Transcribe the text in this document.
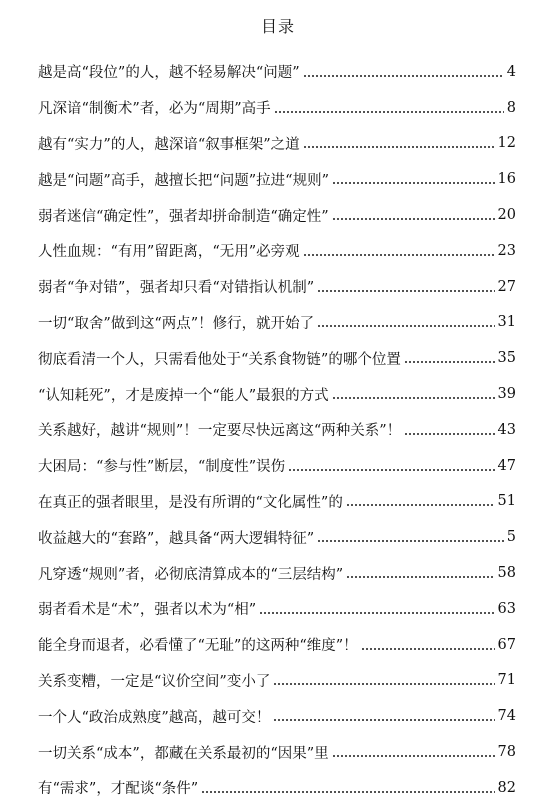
目录
越是高“段位”的人，越不轻易解决“问题”	4
凡深谙“制衡术”者，必为“周期”高手	8
越有“实力”的人，越深谙“叙事框架”之道	12
越是“问题”高手，越擅长把“问题”拉进“规则”	16
弱者迷信“确定性”，强者却拼命制造“确定性”	20
人性血规：“有用”留距离，“无用”必旁观	23
弱者“争对错”，强者却只看“对错指认机制”	27
一切“取舍”做到这“两点”！修行，就开始了	31
彻底看清一个人，只需看他处于“关系食物链”的哪个位置	35
“认知耗死”，才是废掉一个“能人”最狠的方式	39
关系越好，越讲“规则”！一定要尽快远离这“两种关系”！	43
大困局：“参与性”断层，“制度性”误伤	47
在真正的强者眼里，是没有所谓的“文化属性”的	51
收益越大的“套路”，越具备“两大逻辑特征”	5
凡穿透“规则”者，必彻底清算成本的“三层结构”	58
弱者看术是“术”，强者以术为“相”	63
能全身而退者，必看懂了“无耻”的这两种“维度”！	67
关系变糟，一定是“议价空间”变小了	71
一个人“政治成熟度”越高，越可交！	74
一切关系“成本”，都藏在关系最初的“因果”里	78
有“需求”，才配谈“条件”	82
